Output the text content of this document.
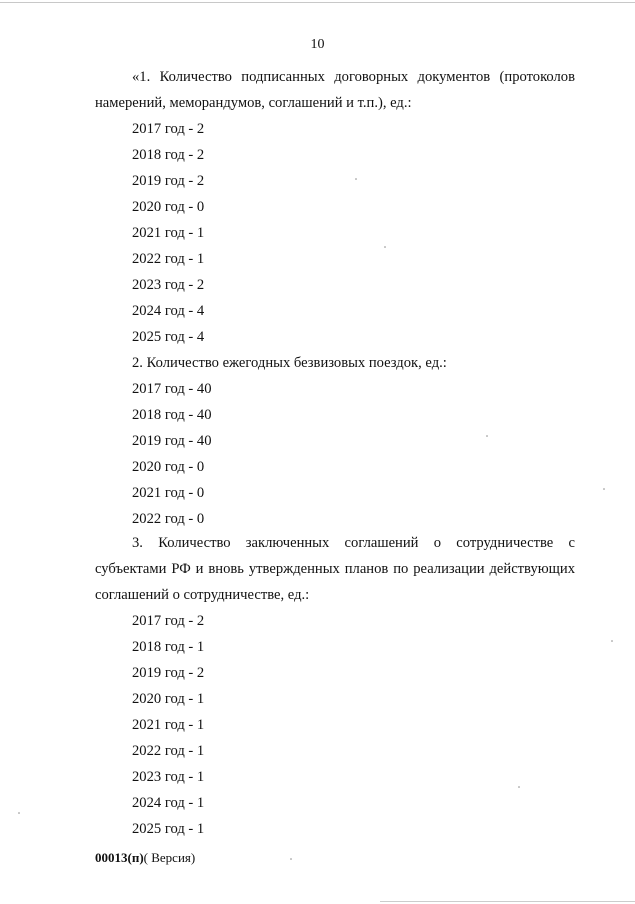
10

«1. Количество подписанных договорных документов (протоколов намерений, меморандумов, соглашений и т.п.), ед.:

2017 год - 2
2018 год - 2
2019 год - 2
2020 год - 0
2021 год - 1
2022 год - 1
2023 год - 2
2024 год - 4
2025 год - 4
2. Количество ежегодных безвизовых поездок, ед.:
2017 год - 40
2018 год - 40
2019 год - 40
2020 год - 0
2021 год - 0
2022 год - 0

3. Количество заключенных соглашений о сотрудничестве с субъектами РФ и вновь утвержденных планов по реализации действующих соглашений о сотрудничестве, ед.:

2017 год - 2
2018 год - 1
2019 год - 2
2020 год - 1
2021 год - 1
2022 год - 1
2023 год - 1
2024 год - 1
2025 год - 1
00013(п)( Версия)
